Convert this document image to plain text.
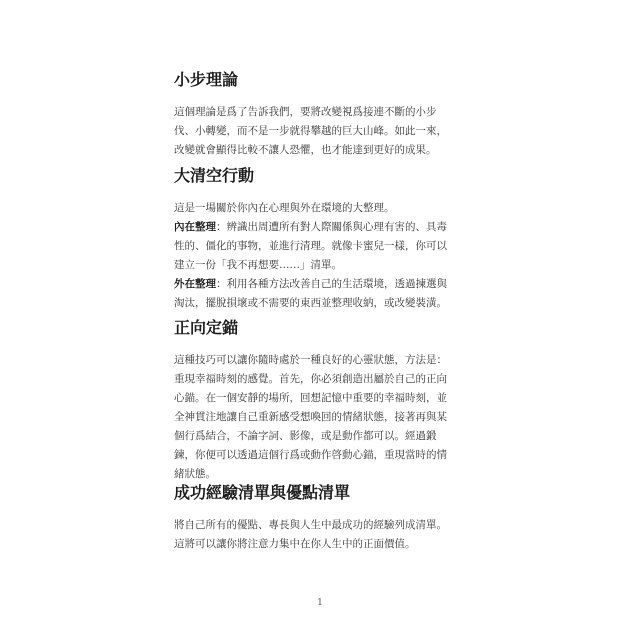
小步理論

這個理論是爲了告訴我們，要將改變視爲接連不斷的小步

伐、小轉變，而不是一步就得攀越的巨大山峰。如此一來，

改變就會顯得比較不讓人恐懼，也才能達到更好的成果。

大清空行動

這是一場關於你內在心理與外在環境的大整理。

內在整理：辨識出周遭所有對人際關係與心理有害的、具毒

性的、僵化的事物，並進行清理。就像卡蜜兒一樣，你可以

建立一份「我不再想要……」清單。

外在整理：利用各種方法改善自己的生活環境，透過揀選與

淘汰，擺脫損壞或不需要的東西並整理收納，或改變裝潢。

正向定錨

這種技巧可以讓你隨時處於一種良好的心靈狀態，方法是：

重現幸福時刻的感覺。首先，你必須創造出屬於自己的正向

心錨。在一個安靜的場所，回想記憶中重要的幸福時刻，並

全神貫注地讓自己重新感受想喚回的情緒狀態，接著再與某

個行爲結合，不論字詞、影像，或是動作都可以。經過鍛

鍊，你便可以透過這個行爲或動作啓動心錨，重現當時的情

緒狀態。

成功經驗清單與優點清單

將自己所有的優點、專長與人生中最成功的經驗列成清單。

這將可以讓你將注意力集中在你人生中的正面價值。

1
